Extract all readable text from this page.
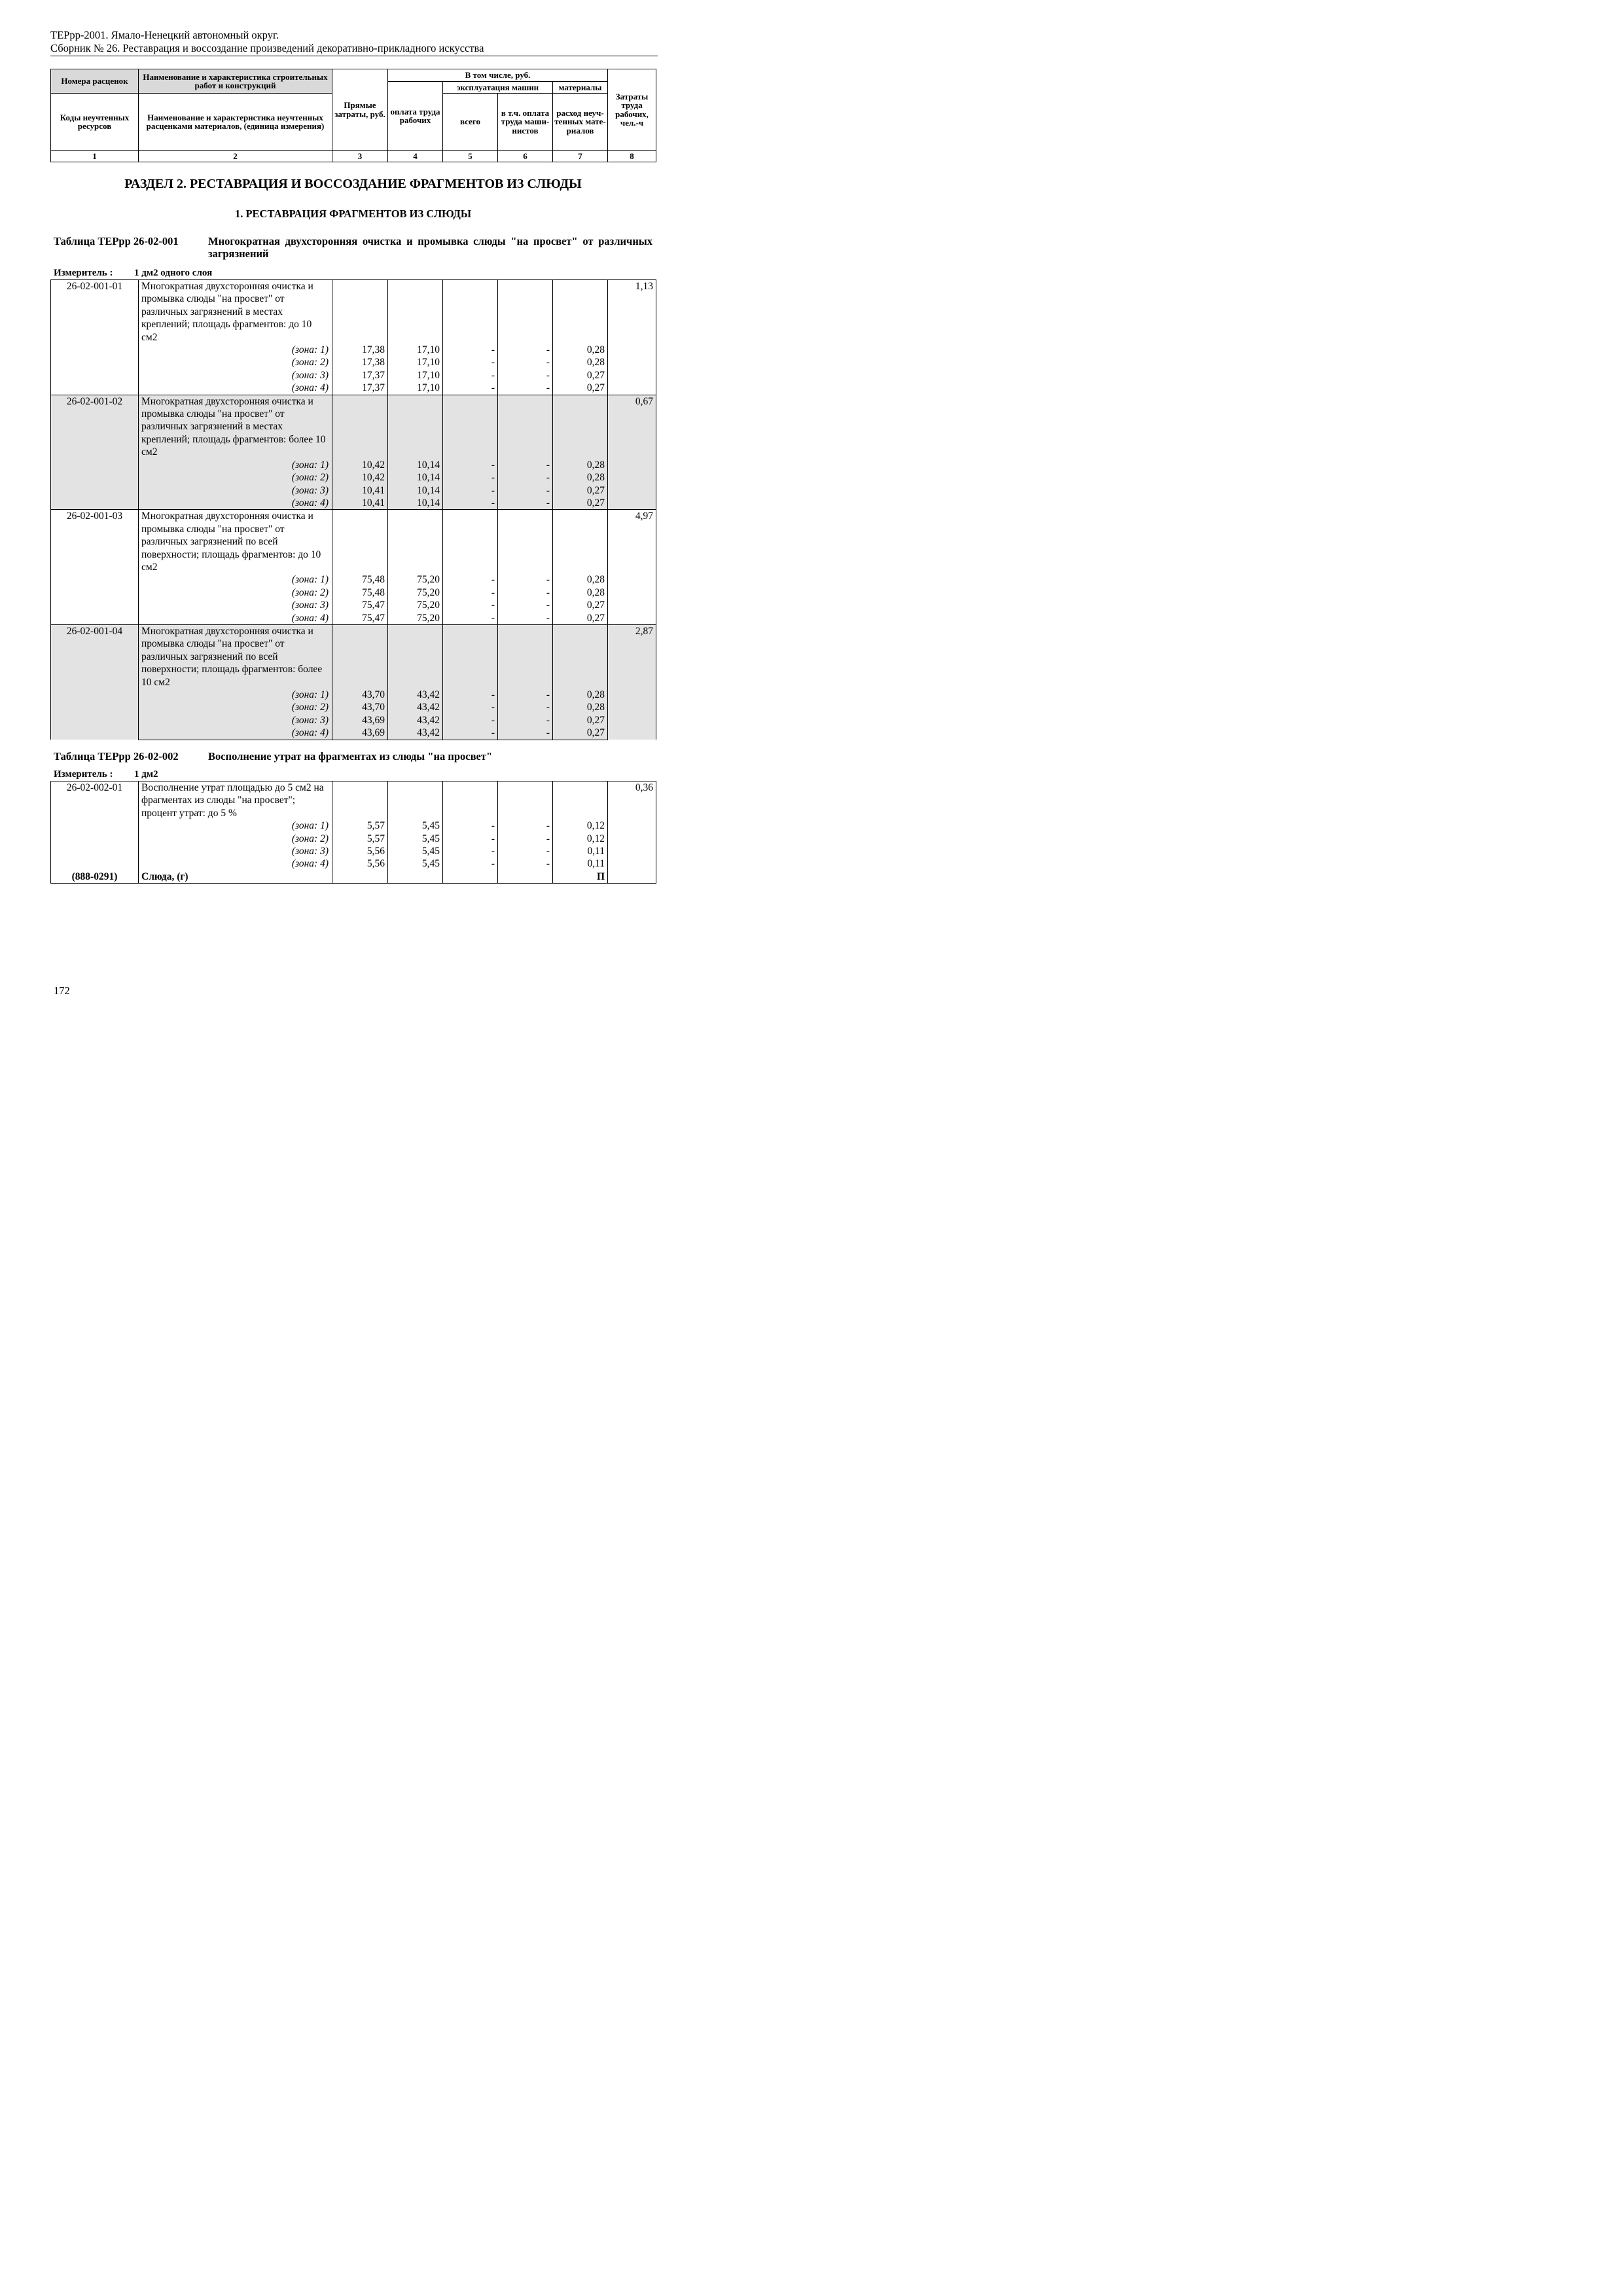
ТЕРрр-2001. Ямало-Ненецкий автономный округ.
Сборник № 26. Реставрация и воссоздание произведений декоративно-прикладного искусства
Номера расценок	Наименование и характеристика строительных работ и конструкций	Прямые затраты, руб.	В том числе, руб.				Затраты труда рабочих, чел.-ч
			оплата труда рабочих	эксплуатация машин		материалы	
Коды неучтенных ресурсов	Наименование и характеристика неучтенных расценками материалов, (единица измерения)			всего	в т.ч. оплата труда маши-нистов	расход неуч-тенных мате-риалов	
1	2	3	4	5	6	7	8
РАЗДЕЛ 2. РЕСТАВРАЦИЯ И ВОССОЗДАНИЕ ФРАГМЕНТОВ ИЗ СЛЮДЫ
1. РЕСТАВРАЦИЯ ФРАГМЕНТОВ ИЗ СЛЮДЫ
Таблица ТЕРрр 26-02-001	Многократная двухсторонняя очистка и промывка слюды "на просвет" от различных загрязнений
Измеритель : 1 дм2 одного слоя
26-02-001-01	Многократная двухсторонняя очистка и промывка слюды "на просвет" от различных загрязнений в местах креплений; площадь фрагментов: до 10 см2						1,13
	(зона: 1)	17,38	17,10	-	-	0,28	
	(зона: 2)	17,38	17,10	-	-	0,28	
	(зона: 3)	17,37	17,10	-	-	0,27	
	(зона: 4)	17,37	17,10	-	-	0,27	
26-02-001-02	Многократная двухсторонняя очистка и промывка слюды "на просвет" от различных загрязнений в местах креплений; площадь фрагментов: более 10 см2						0,67
	(зона: 1)	10,42	10,14	-	-	0,28	
	(зона: 2)	10,42	10,14	-	-	0,28	
	(зона: 3)	10,41	10,14	-	-	0,27	
	(зона: 4)	10,41	10,14	-	-	0,27	
26-02-001-03	Многократная двухсторонняя очистка и промывка слюды "на просвет" от различных загрязнений по всей поверхности; площадь фрагментов: до 10 см2						4,97
	(зона: 1)	75,48	75,20	-	-	0,28	
	(зона: 2)	75,48	75,20	-	-	0,28	
	(зона: 3)	75,47	75,20	-	-	0,27	
	(зона: 4)	75,47	75,20	-	-	0,27	
26-02-001-04	Многократная двухсторонняя очистка и промывка слюды "на просвет" от различных загрязнений по всей поверхности; площадь фрагментов: более 10 см2						2,87
	(зона: 1)	43,70	43,42	-	-	0,28	
	(зона: 2)	43,70	43,42	-	-	0,28	
	(зона: 3)	43,69	43,42	-	-	0,27	
	(зона: 4)	43,69	43,42	-	-	0,27	
Таблица ТЕРрр 26-02-002	Восполнение утрат на фрагментах из слюды "на просвет"
Измеритель : 1 дм2
26-02-002-01	Восполнение утрат площадью до 5 см2 на фрагментах из слюды "на просвет"; процент утрат: до 5 %						0,36
	(зона: 1)	5,57	5,45	-	-	0,12	
	(зона: 2)	5,57	5,45	-	-	0,12	
	(зона: 3)	5,56	5,45	-	-	0,11	
	(зона: 4)	5,56	5,45	-	-	0,11	
(888-0291)	Слюда, (г)					П	
172
